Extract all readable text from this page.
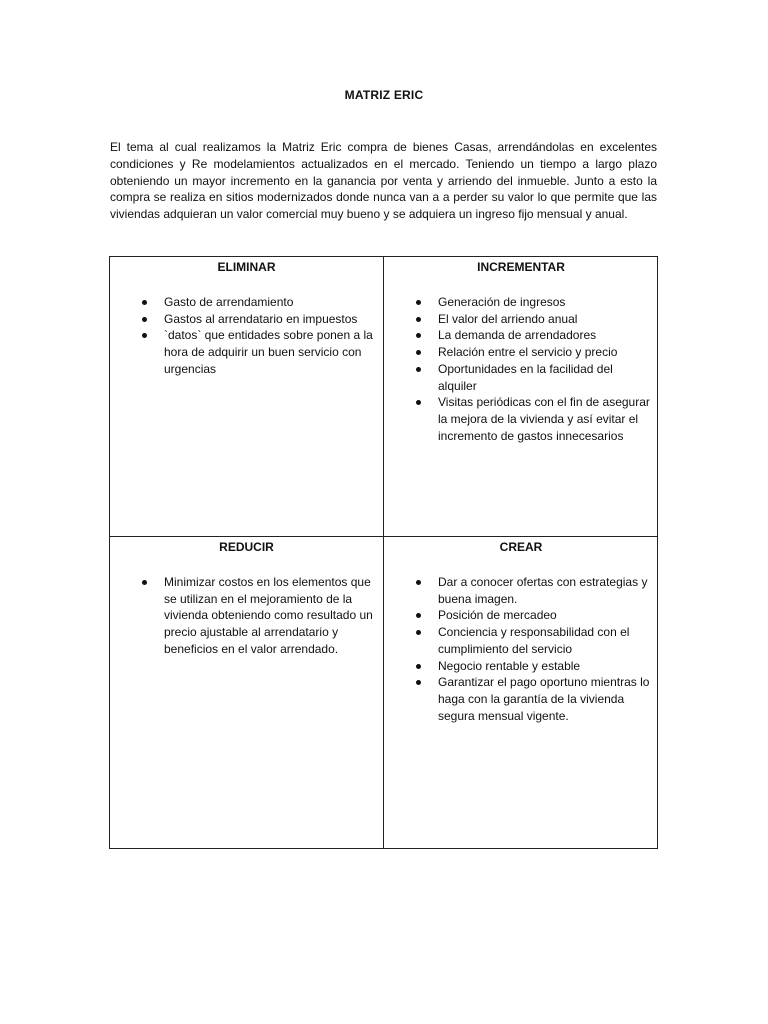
MATRIZ ERIC

El tema al cual realizamos la Matriz Eric compra de bienes Casas, arrendándolas en excelentes condiciones y Re modelamientos actualizados en el mercado. Teniendo un tiempo a largo plazo obteniendo un mayor incremento en la ganancia por venta y arriendo del inmueble. Junto a esto la compra se realiza en sitios modernizados donde nunca van a a perder su valor lo que permite que las viviendas adquieran un valor comercial muy bueno y se adquiera un ingreso fijo mensual y anual.

ELIMINAR
Gasto de arrendamiento
Gastos al arrendatario en impuestos
`datos` que entidades sobre ponen a la hora de adquirir un buen servicio con urgencias
INCREMENTAR
Generación de ingresos
El valor del arriendo anual
La demanda de arrendadores
Relación entre el servicio y precio
Oportunidades en la facilidad del alquiler
Visitas periódicas con el fin de asegurar la mejora de la vivienda y así evitar el incremento de gastos innecesarios
REDUCIR
Minimizar costos en los elementos que se utilizan en el mejoramiento de la vivienda obteniendo como resultado un precio ajustable al arrendatario y beneficios en el valor arrendado.
CREAR
Dar a conocer ofertas con estrategias y buena imagen.
Posición de mercadeo
Conciencia y responsabilidad con el cumplimiento del servicio
Negocio rentable y estable
Garantizar el pago oportuno mientras lo haga con la garantía de la vivienda segura mensual vigente.
